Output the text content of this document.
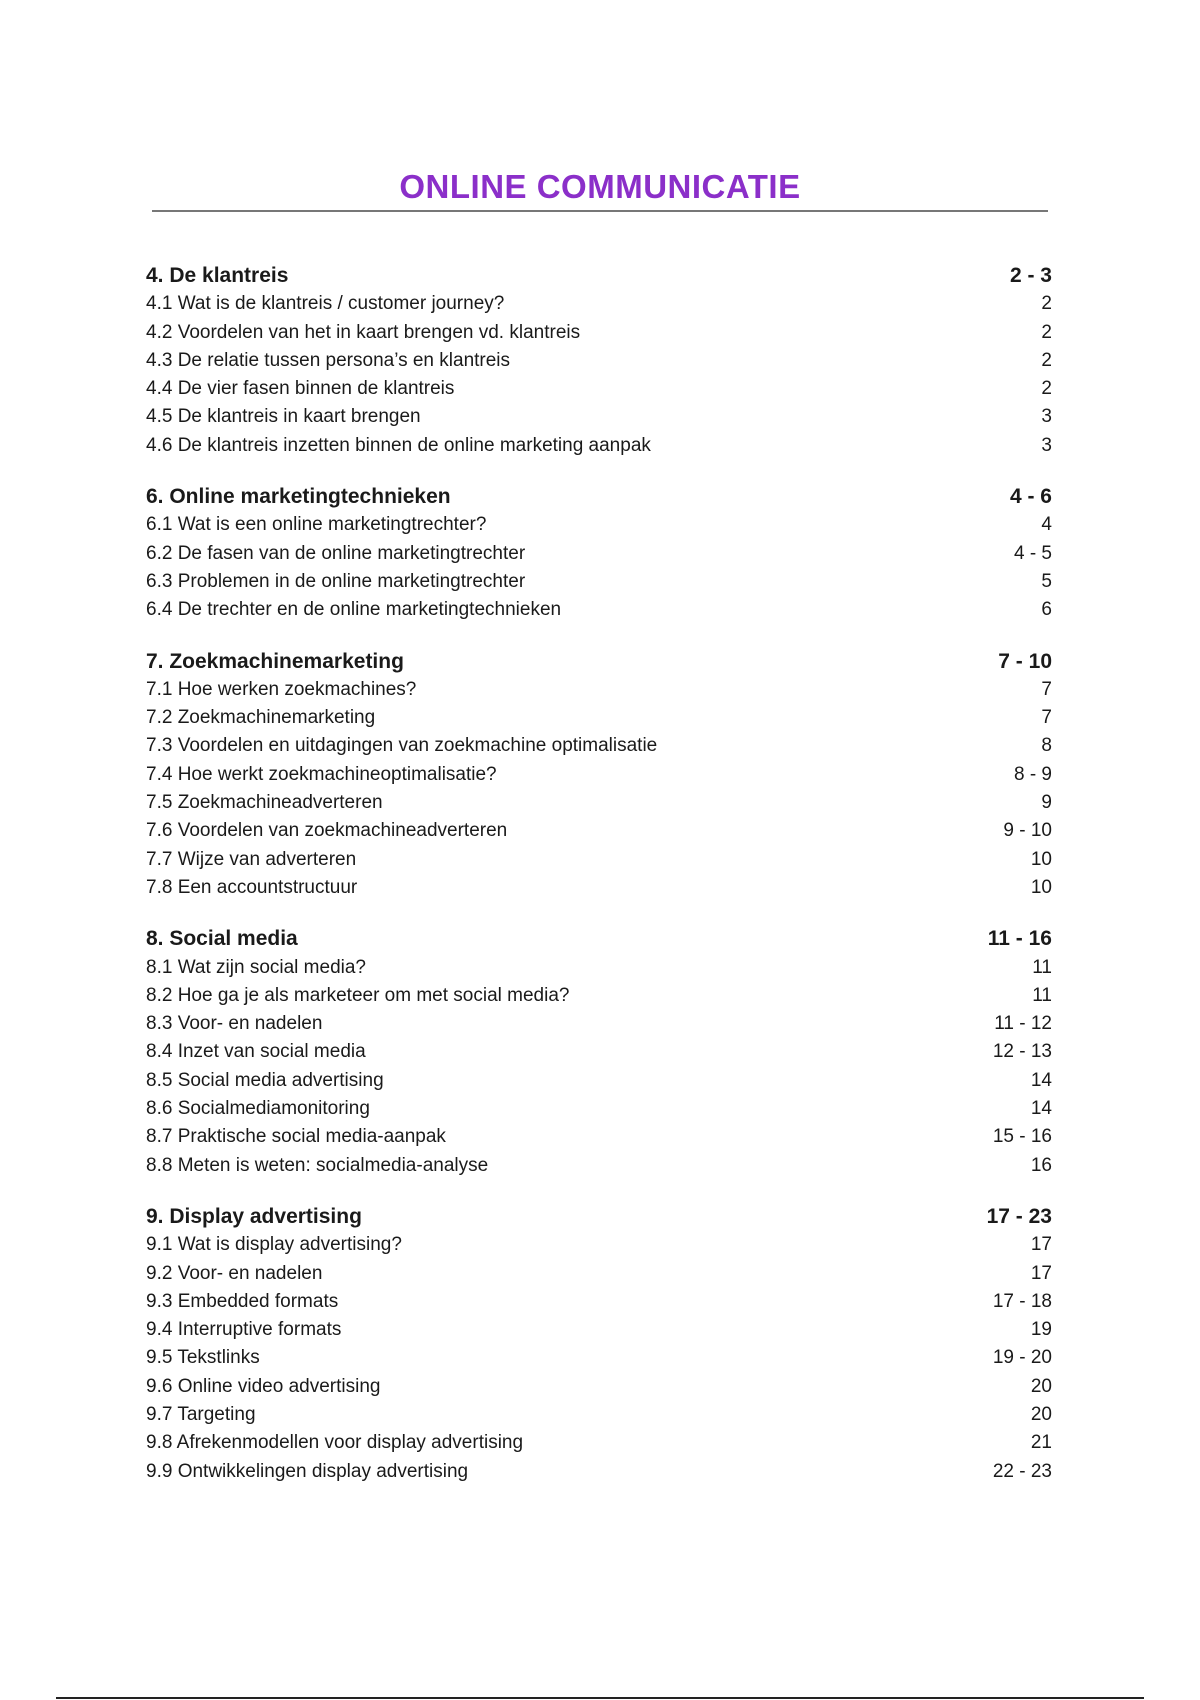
ONLINE COMMUNICATIE
4. De klantreis	2 - 3
4.1 Wat is de klantreis / customer journey?	2
4.2 Voordelen van het in kaart brengen vd. klantreis	2
4.3 De relatie tussen persona’s en klantreis	2
4.4 De vier fasen binnen de klantreis	2
4.5 De klantreis in kaart brengen	3
4.6 De klantreis inzetten binnen de online marketing aanpak	3
6. Online marketingtechnieken	4 - 6
6.1 Wat is een online marketingtrechter?	4
6.2 De fasen van de online marketingtrechter	4 - 5
6.3 Problemen in de online marketingtrechter	5
6.4 De trechter en de online marketingtechnieken	6
7. Zoekmachinemarketing	7 - 10
7.1 Hoe werken zoekmachines?	7
7.2 Zoekmachinemarketing	7
7.3 Voordelen en uitdagingen van zoekmachine optimalisatie	8
7.4 Hoe werkt zoekmachineoptimalisatie?	8 - 9
7.5 Zoekmachineadverteren	9
7.6 Voordelen van zoekmachineadverteren	9 - 10
7.7 Wijze van adverteren	10
7.8 Een accountstructuur	10
8. Social media	11 - 16
8.1 Wat zijn social media?	11
8.2 Hoe ga je als marketeer om met social media?	11
8.3 Voor- en nadelen	11 - 12
8.4 Inzet van social media	12 - 13
8.5 Social media advertising	14
8.6 Socialmediamonitoring	14
8.7 Praktische social media-aanpak	15 - 16
8.8 Meten is weten: socialmedia-analyse	16
9. Display advertising	17 - 23
9.1 Wat is display advertising?	17
9.2 Voor- en nadelen	17
9.3 Embedded formats	17 - 18
9.4 Interruptive formats	19
9.5 Tekstlinks	19 - 20
9.6 Online video advertising	20
9.7 Targeting	20
9.8 Afrekenmodellen voor display advertising	21
9.9 Ontwikkelingen display advertising	22 - 23
